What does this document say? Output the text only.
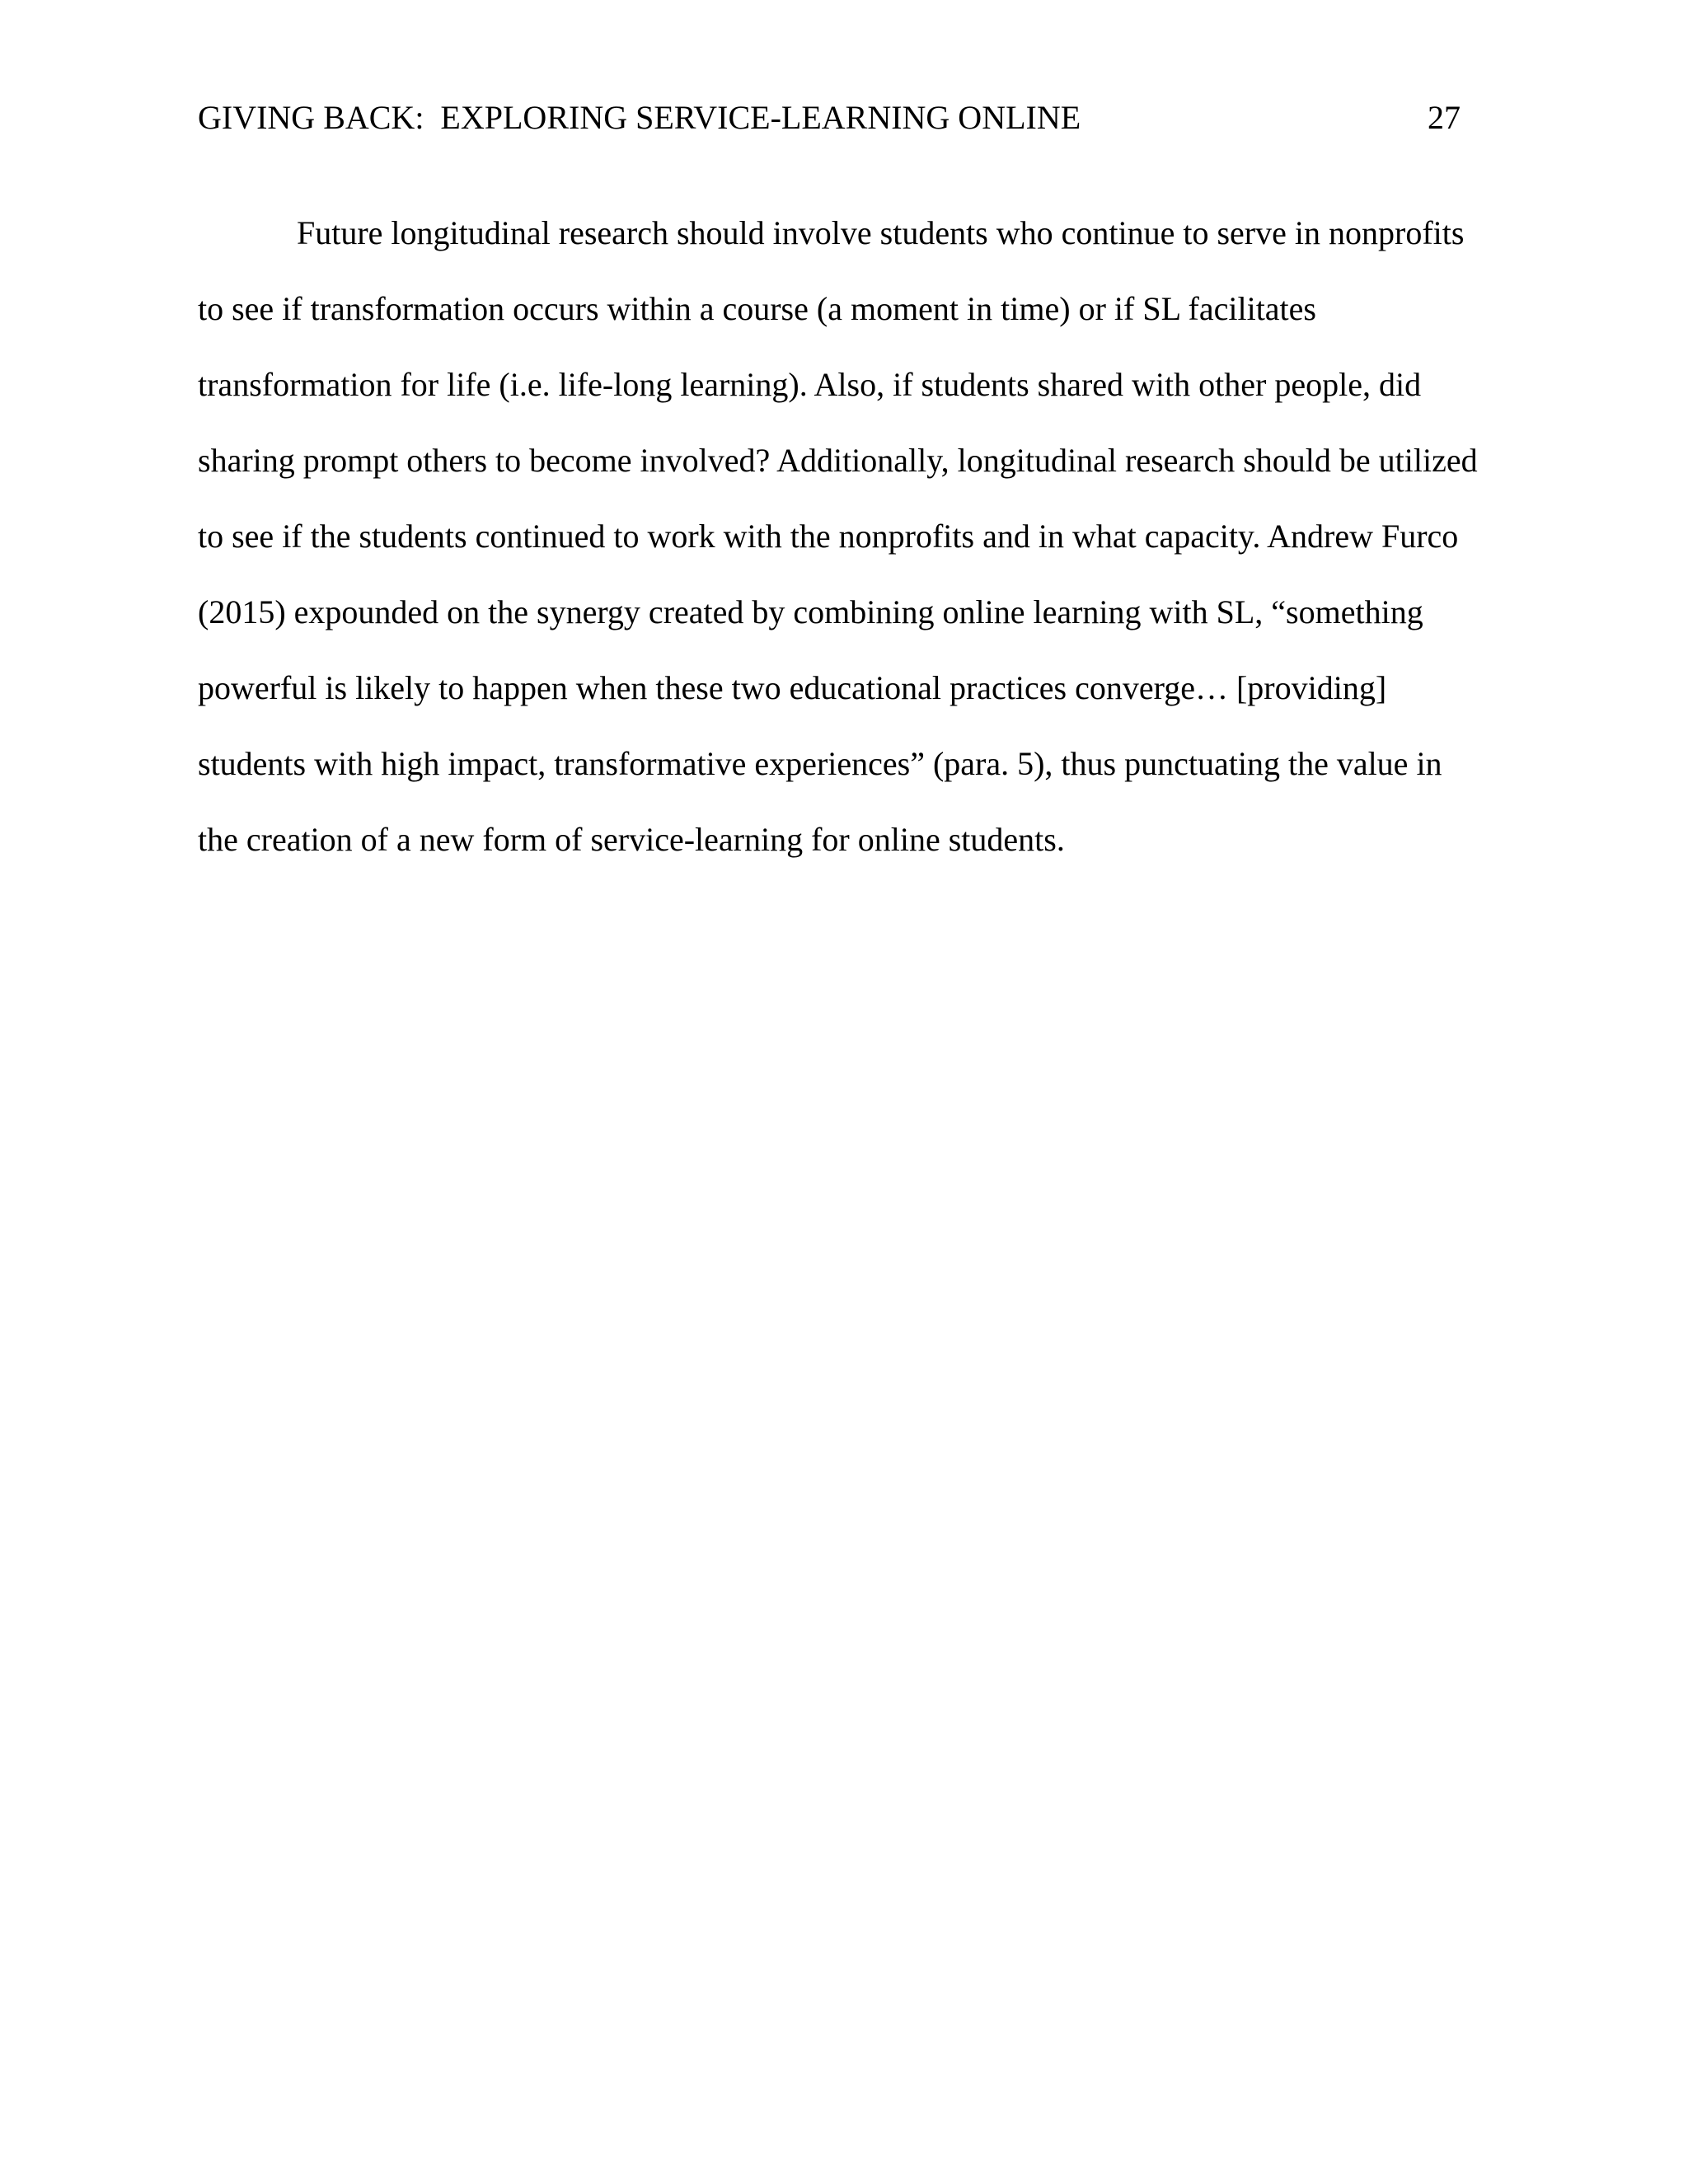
GIVING BACK:  EXPLORING SERVICE-LEARNING ONLINE	27
Future longitudinal research should involve students who continue to serve in nonprofits
to see if transformation occurs within a course (a moment in time) or if SL facilitates
transformation for life (i.e. life-long learning). Also, if students shared with other people, did
sharing prompt others to become involved? Additionally, longitudinal research should be utilized
to see if the students continued to work with the nonprofits and in what capacity. Andrew Furco
(2015) expounded on the synergy created by combining online learning with SL, “something
powerful is likely to happen when these two educational practices converge… [providing]
students with high impact, transformative experiences” (para. 5), thus punctuating the value in
the creation of a new form of service-learning for online students.
